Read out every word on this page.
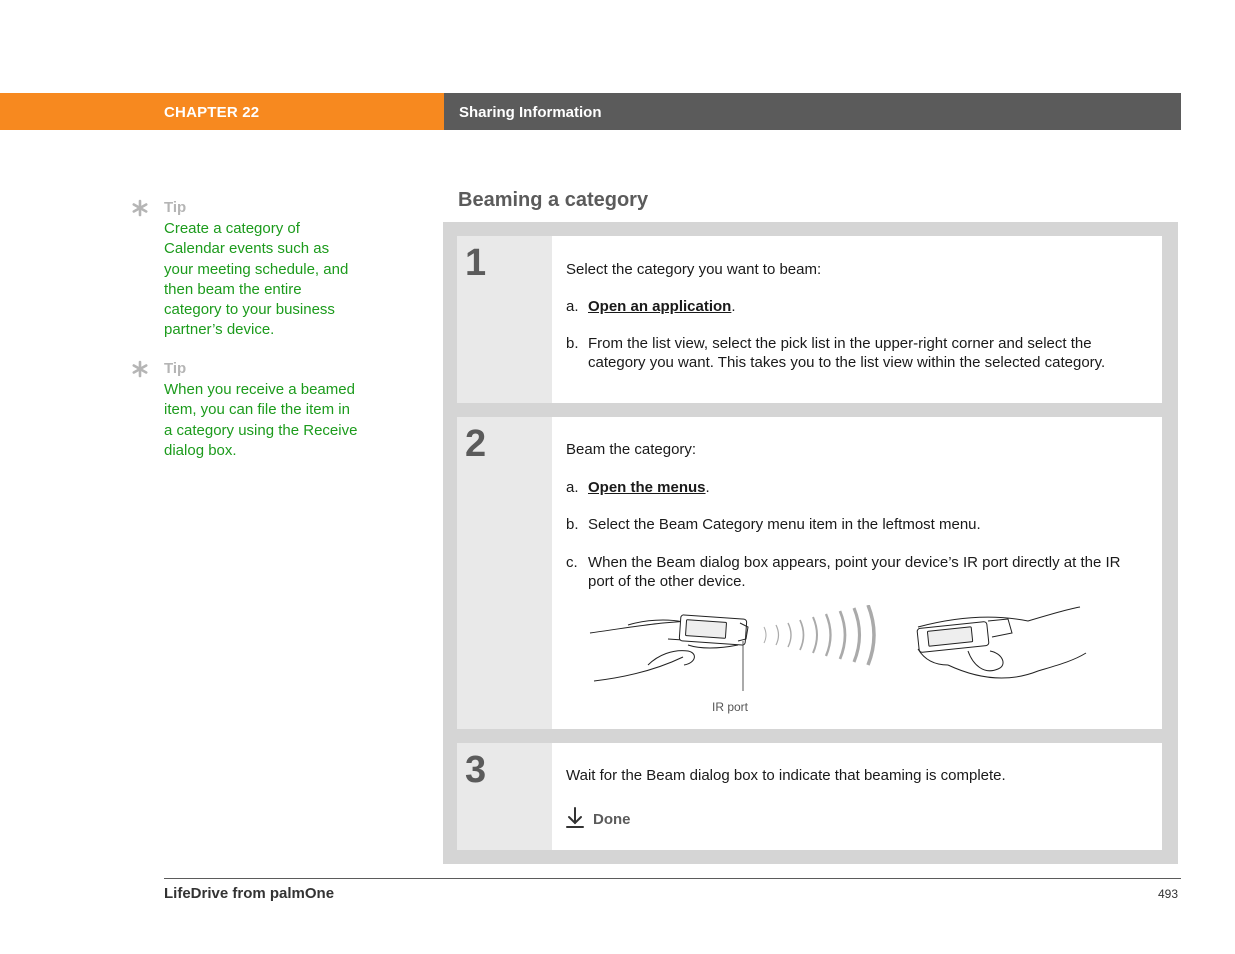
CHAPTER 22	Sharing Information
Tip
Create a category of Calendar events such as your meeting schedule, and then beam the entire category to your business partner’s device.
Tip
When you receive a beamed item, you can file the item in a category using the Receive dialog box.
Beaming a category
1	Select the category you want to beam:

a. Open an application.
b. From the list view, select the pick list in the upper-right corner and select the category you want. This takes you to the list view within the selected category.
2	Beam the category:

a. Open the menus.
b. Select the Beam Category menu item in the leftmost menu.
c. When the Beam dialog box appears, point your device’s IR port directly at the IR port of the other device.
IR port
3	Wait for the Beam dialog box to indicate that beaming is complete.

Done
LifeDrive from palmOne	493
